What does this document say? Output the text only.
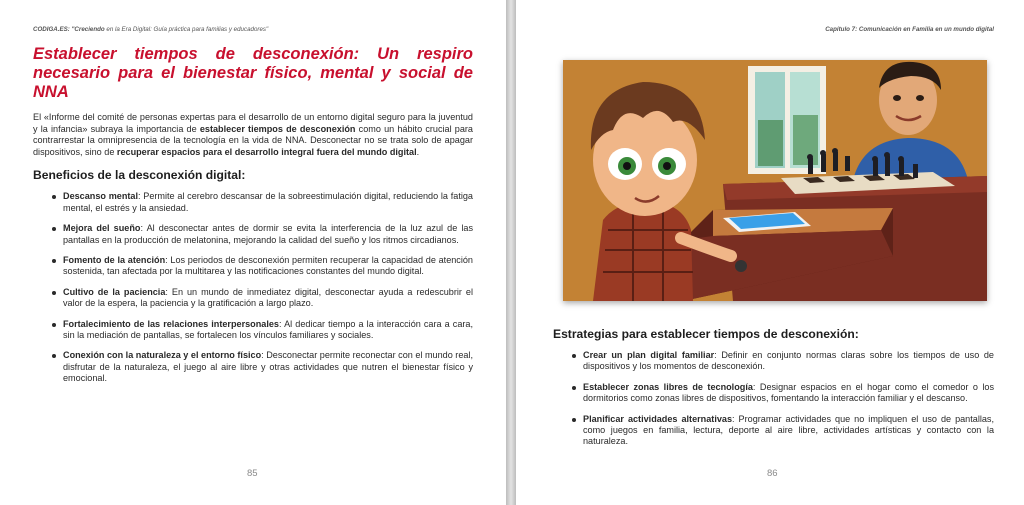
CODIGA.ES: "Creciendo en la Era Digital: Guía práctica para familias y educadores"
Establecer tiempos de desconexión: Un respiro necesario para el bienestar físico, mental y social de NNA

El «Informe del comité de personas expertas para el desarrollo de un entorno digital seguro para la juventud y la infancia» subraya la importancia de establecer tiempos de desconexión como un hábito crucial para contrarrestar la omnipresencia de la tecnología en la vida de NNA. Desconectar no se trata solo de apagar dispositivos, sino de recuperar espacios para el desarrollo integral fuera del mundo digital.

Beneficios de la desconexión digital:
Descanso mental: Permite al cerebro descansar de la sobreestimulación digital, reduciendo la fatiga mental, el estrés y la ansiedad.
Mejora del sueño: Al desconectar antes de dormir se evita la interferencia de la luz azul de las pantallas en la producción de melatonina, mejorando la calidad del sueño y los ritmos circadianos.
Fomento de la atención: Los periodos de desconexión permiten recuperar la capacidad de atención sostenida, tan afectada por la multitarea y las notificaciones constantes del mundo digital.
Cultivo de la paciencia: En un mundo de inmediatez digital, desconectar ayuda a redescubrir el valor de la espera, la paciencia y la gratificación a largo plazo.
Fortalecimiento de las relaciones interpersonales: Al dedicar tiempo a la interacción cara a cara, sin la mediación de pantallas, se fortalecen los vínculos familiares y sociales.
Conexión con la naturaleza y el entorno físico: Desconectar permite reconectar con el mundo real, disfrutar de la naturaleza, el juego al aire libre y otras actividades que nutren el bienestar físico y emocional.
85
Capítulo 7: Comunicación en Familia en un mundo digital
Estrategias para establecer tiempos de desconexión:
Crear un plan digital familiar: Definir en conjunto normas claras sobre los tiempos de uso de dispositivos y los momentos de desconexión.
Establecer zonas libres de tecnología: Designar espacios en el hogar como el comedor o los dormitorios como zonas libres de dispositivos, fomentando la interacción familiar y el descanso.
Planificar actividades alternativas: Programar actividades que no impliquen el uso de pantallas, como juegos en familia, lectura, deporte al aire libre, actividades artísticas y contacto con la naturaleza.
86
